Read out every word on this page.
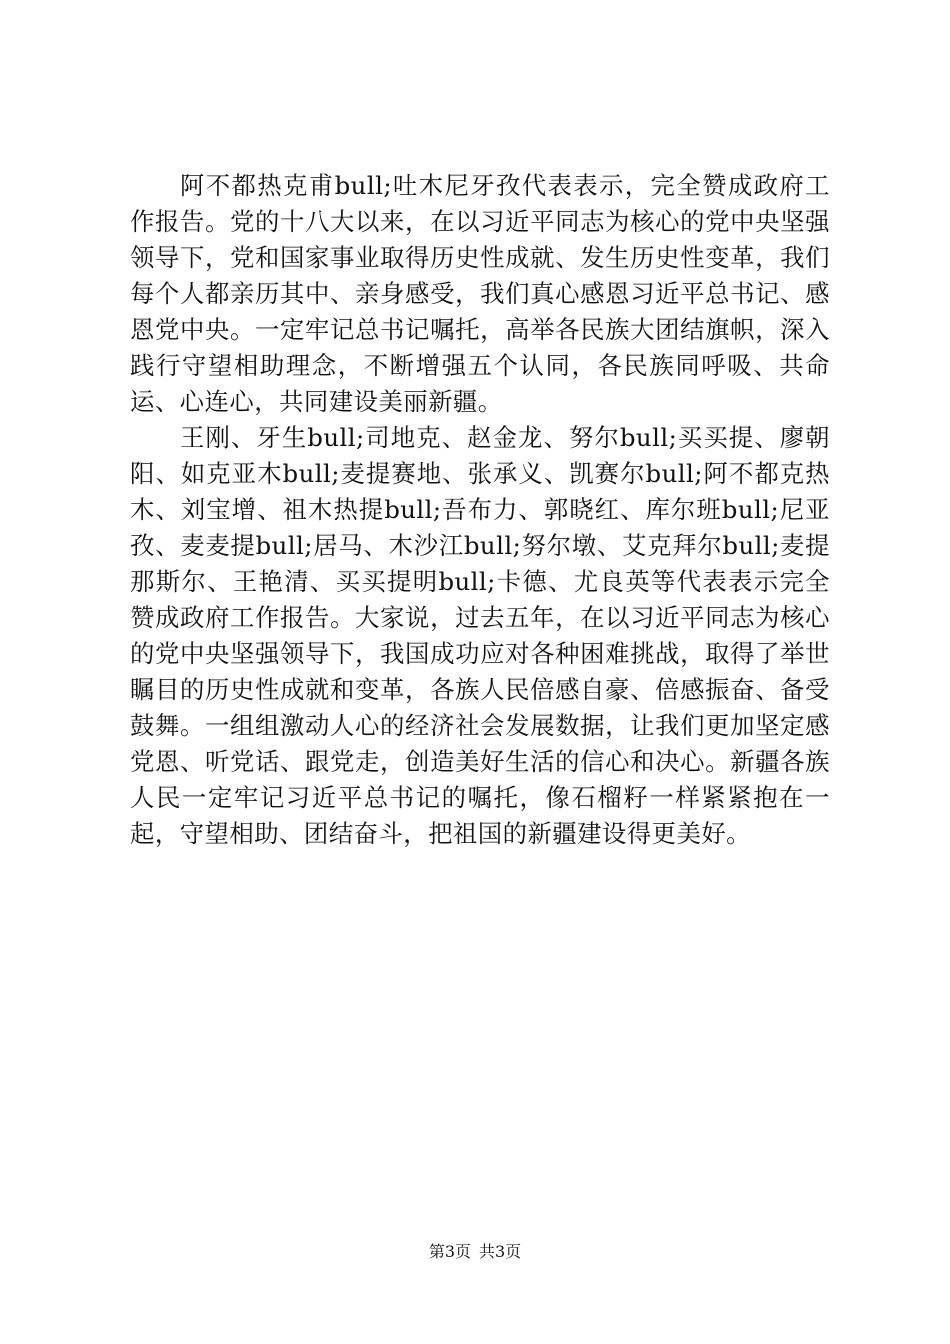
阿不都热克甫bull;吐木尼牙孜代表表示，完全赞成政府工作报告。党的十八大以来，在以习近平同志为核心的党中央坚强领导下，党和国家事业取得历史性成就、发生历史性变革，我们每个人都亲历其中、亲身感受，我们真心感恩习近平总书记、感恩党中央。一定牢记总书记嘱托，高举各民族大团结旗帜，深入践行守望相助理念，不断增强五个认同，各民族同呼吸、共命运、心连心，共同建设美丽新疆。

王刚、牙生bull;司地克、赵金龙、努尔bull;买买提、廖朝阳、如克亚木bull;麦提赛地、张承义、凯赛尔bull;阿不都克热木、刘宝增、祖木热提bull;吾布力、郭晓红、库尔班bull;尼亚孜、麦麦提bull;居马、木沙江bull;努尔墩、艾克拜尔bull;麦提那斯尔、王艳清、买买提明bull;卡德、尤良英等代表表示完全赞成政府工作报告。大家说，过去五年，在以习近平同志为核心的党中央坚强领导下，我国成功应对各种困难挑战，取得了举世瞩目的历史性成就和变革，各族人民倍感自豪、倍感振奋、备受鼓舞。一组组激动人心的经济社会发展数据，让我们更加坚定感党恩、听党话、跟党走，创造美好生活的信心和决心。新疆各族人民一定牢记习近平总书记的嘱托，像石榴籽一样紧紧抱在一起，守望相助、团结奋斗，把祖国的新疆建设得更美好。

第3页 共3页
